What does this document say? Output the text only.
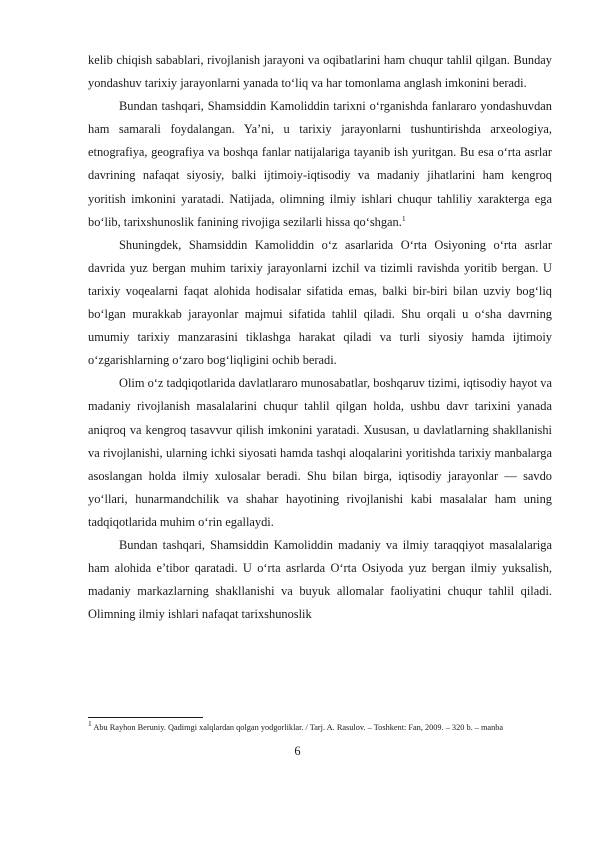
kelib chiqish sabablari, rivojlanish jarayoni va oqibatlarini ham chuqur tahlil qilgan. Bunday yondashuv tarixiy jarayonlarni yanada to‘liq va har tomonlama anglash imkonini beradi.

Bundan tashqari, Shamsiddin Kamoliddin tarixni o‘rganishda fanlararo yondashuvdan ham samarali foydalangan. Ya’ni, u tarixiy jarayonlarni tushuntirishda arxeologiya, etnografiya, geografiya va boshqa fanlar natijalariga tayanib ish yuritgan. Bu esa o‘rta asrlar davrining nafaqat siyosiy, balki ijtimoiy-iqtisodiy va madaniy jihatlarini ham kengroq yoritish imkonini yaratadi. Natijada, olimning ilmiy ishlari chuqur tahliliy xarakterga ega bo‘lib, tarixshunoslik fanining rivojiga sezilarli hissa qo‘shgan.$^1$

Shuningdek, Shamsiddin Kamoliddin o‘z asarlarida O‘rta Osiyoning o‘rta asrlar davrida yuz bergan muhim tarixiy jarayonlarni izchil va tizimli ravishda yoritib bergan. U tarixiy voqealarni faqat alohida hodisalar sifatida emas, balki bir-biri bilan uzviy bog‘liq bo‘lgan murakkab jarayonlar majmui sifatida tahlil qiladi. Shu orqali u o‘sha davrning umumiy tarixiy manzarasini tiklashga harakat qiladi va turli siyosiy hamda ijtimoiy o‘zgarishlarning o‘zaro bog‘liqligini ochib beradi.

Olim o‘z tadqiqotlarida davlatlararo munosabatlar, boshqaruv tizimi, iqtisodiy hayot va madaniy rivojlanish masalalarini chuqur tahlil qilgan holda, ushbu davr tarixini yanada aniqroq va kengroq tasavvur qilish imkonini yaratadi. Xususan, u davlatlarning shakllanishi va rivojlanishi, ularning ichki siyosati hamda tashqi aloqalarini yoritishda tarixiy manbalarga asoslangan holda ilmiy xulosalar beradi. Shu bilan birga, iqtisodiy jarayonlar — savdo yo‘llari, hunarmandchilik va shahar hayotining rivojlanishi kabi masalalar ham uning tadqiqotlarida muhim o‘rin egallaydi.

Bundan tashqari, Shamsiddin Kamoliddin madaniy va ilmiy taraqqiyot masalalariga ham alohida e’tibor qaratadi. U o‘rta asrlarda O‘rta Osiyoda yuz bergan ilmiy yuksalish, madaniy markazlarning shakllanishi va buyuk allomalar faoliyatini chuqur tahlil qiladi. Olimning ilmiy ishlari nafaqat tarixshunoslik

$^1$ Abu Rayhon Beruniy. Qadimgi xalqlardan qolgan yodgorliklar. / Tarj. A. Rasulov. – Toshkent: Fan, 2009. – 320 b. – manba
6
